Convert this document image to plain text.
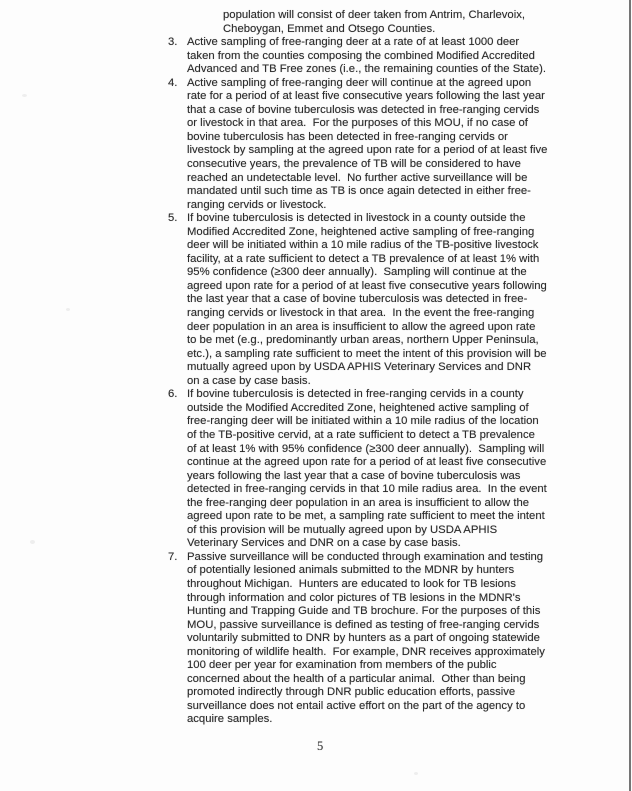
population will consist of deer taken from Antrim, Charlevoix,
Cheboygan, Emmet and Otsego Counties.
3. Active sampling of free-ranging deer at a rate of at least 1000 deer
taken from the counties composing the combined Modified Accredited
Advanced and TB Free zones (i.e., the remaining counties of the State).
4. Active sampling of free-ranging deer will continue at the agreed upon
rate for a period of at least five consecutive years following the last year
that a case of bovine tuberculosis was detected in free-ranging cervids
or livestock in that area.  For the purposes of this MOU, if no case of
bovine tuberculosis has been detected in free-ranging cervids or
livestock by sampling at the agreed upon rate for a period of at least five
consecutive years, the prevalence of TB will be considered to have
reached an undetectable level.  No further active surveillance will be
mandated until such time as TB is once again detected in either free-
ranging cervids or livestock.
5. If bovine tuberculosis is detected in livestock in a county outside the
Modified Accredited Zone, heightened active sampling of free-ranging
deer will be initiated within a 10 mile radius of the TB-positive livestock
facility, at a rate sufficient to detect a TB prevalence of at least 1% with
95% confidence (≥300 deer annually).  Sampling will continue at the
agreed upon rate for a period of at least five consecutive years following
the last year that a case of bovine tuberculosis was detected in free-
ranging cervids or livestock in that area.  In the event the free-ranging
deer population in an area is insufficient to allow the agreed upon rate
to be met (e.g., predominantly urban areas, northern Upper Peninsula,
etc.), a sampling rate sufficient to meet the intent of this provision will be
mutually agreed upon by USDA APHIS Veterinary Services and DNR
on a case by case basis.
6. If bovine tuberculosis is detected in free-ranging cervids in a county
outside the Modified Accredited Zone, heightened active sampling of
free-ranging deer will be initiated within a 10 mile radius of the location
of the TB-positive cervid, at a rate sufficient to detect a TB prevalence
of at least 1% with 95% confidence (≥300 deer annually).  Sampling will
continue at the agreed upon rate for a period of at least five consecutive
years following the last year that a case of bovine tuberculosis was
detected in free-ranging cervids in that 10 mile radius area.  In the event
the free-ranging deer population in an area is insufficient to allow the
agreed upon rate to be met, a sampling rate sufficient to meet the intent
of this provision will be mutually agreed upon by USDA APHIS
Veterinary Services and DNR on a case by case basis.
7. Passive surveillance will be conducted through examination and testing
of potentially lesioned animals submitted to the MDNR by hunters
throughout Michigan.  Hunters are educated to look for TB lesions
through information and color pictures of TB lesions in the MDNR's
Hunting and Trapping Guide and TB brochure. For the purposes of this
MOU, passive surveillance is defined as testing of free-ranging cervids
voluntarily submitted to DNR by hunters as a part of ongoing statewide
monitoring of wildlife health.  For example, DNR receives approximately
100 deer per year for examination from members of the public
concerned about the health of a particular animal.  Other than being
promoted indirectly through DNR public education efforts, passive
surveillance does not entail active effort on the part of the agency to
acquire samples.
5
